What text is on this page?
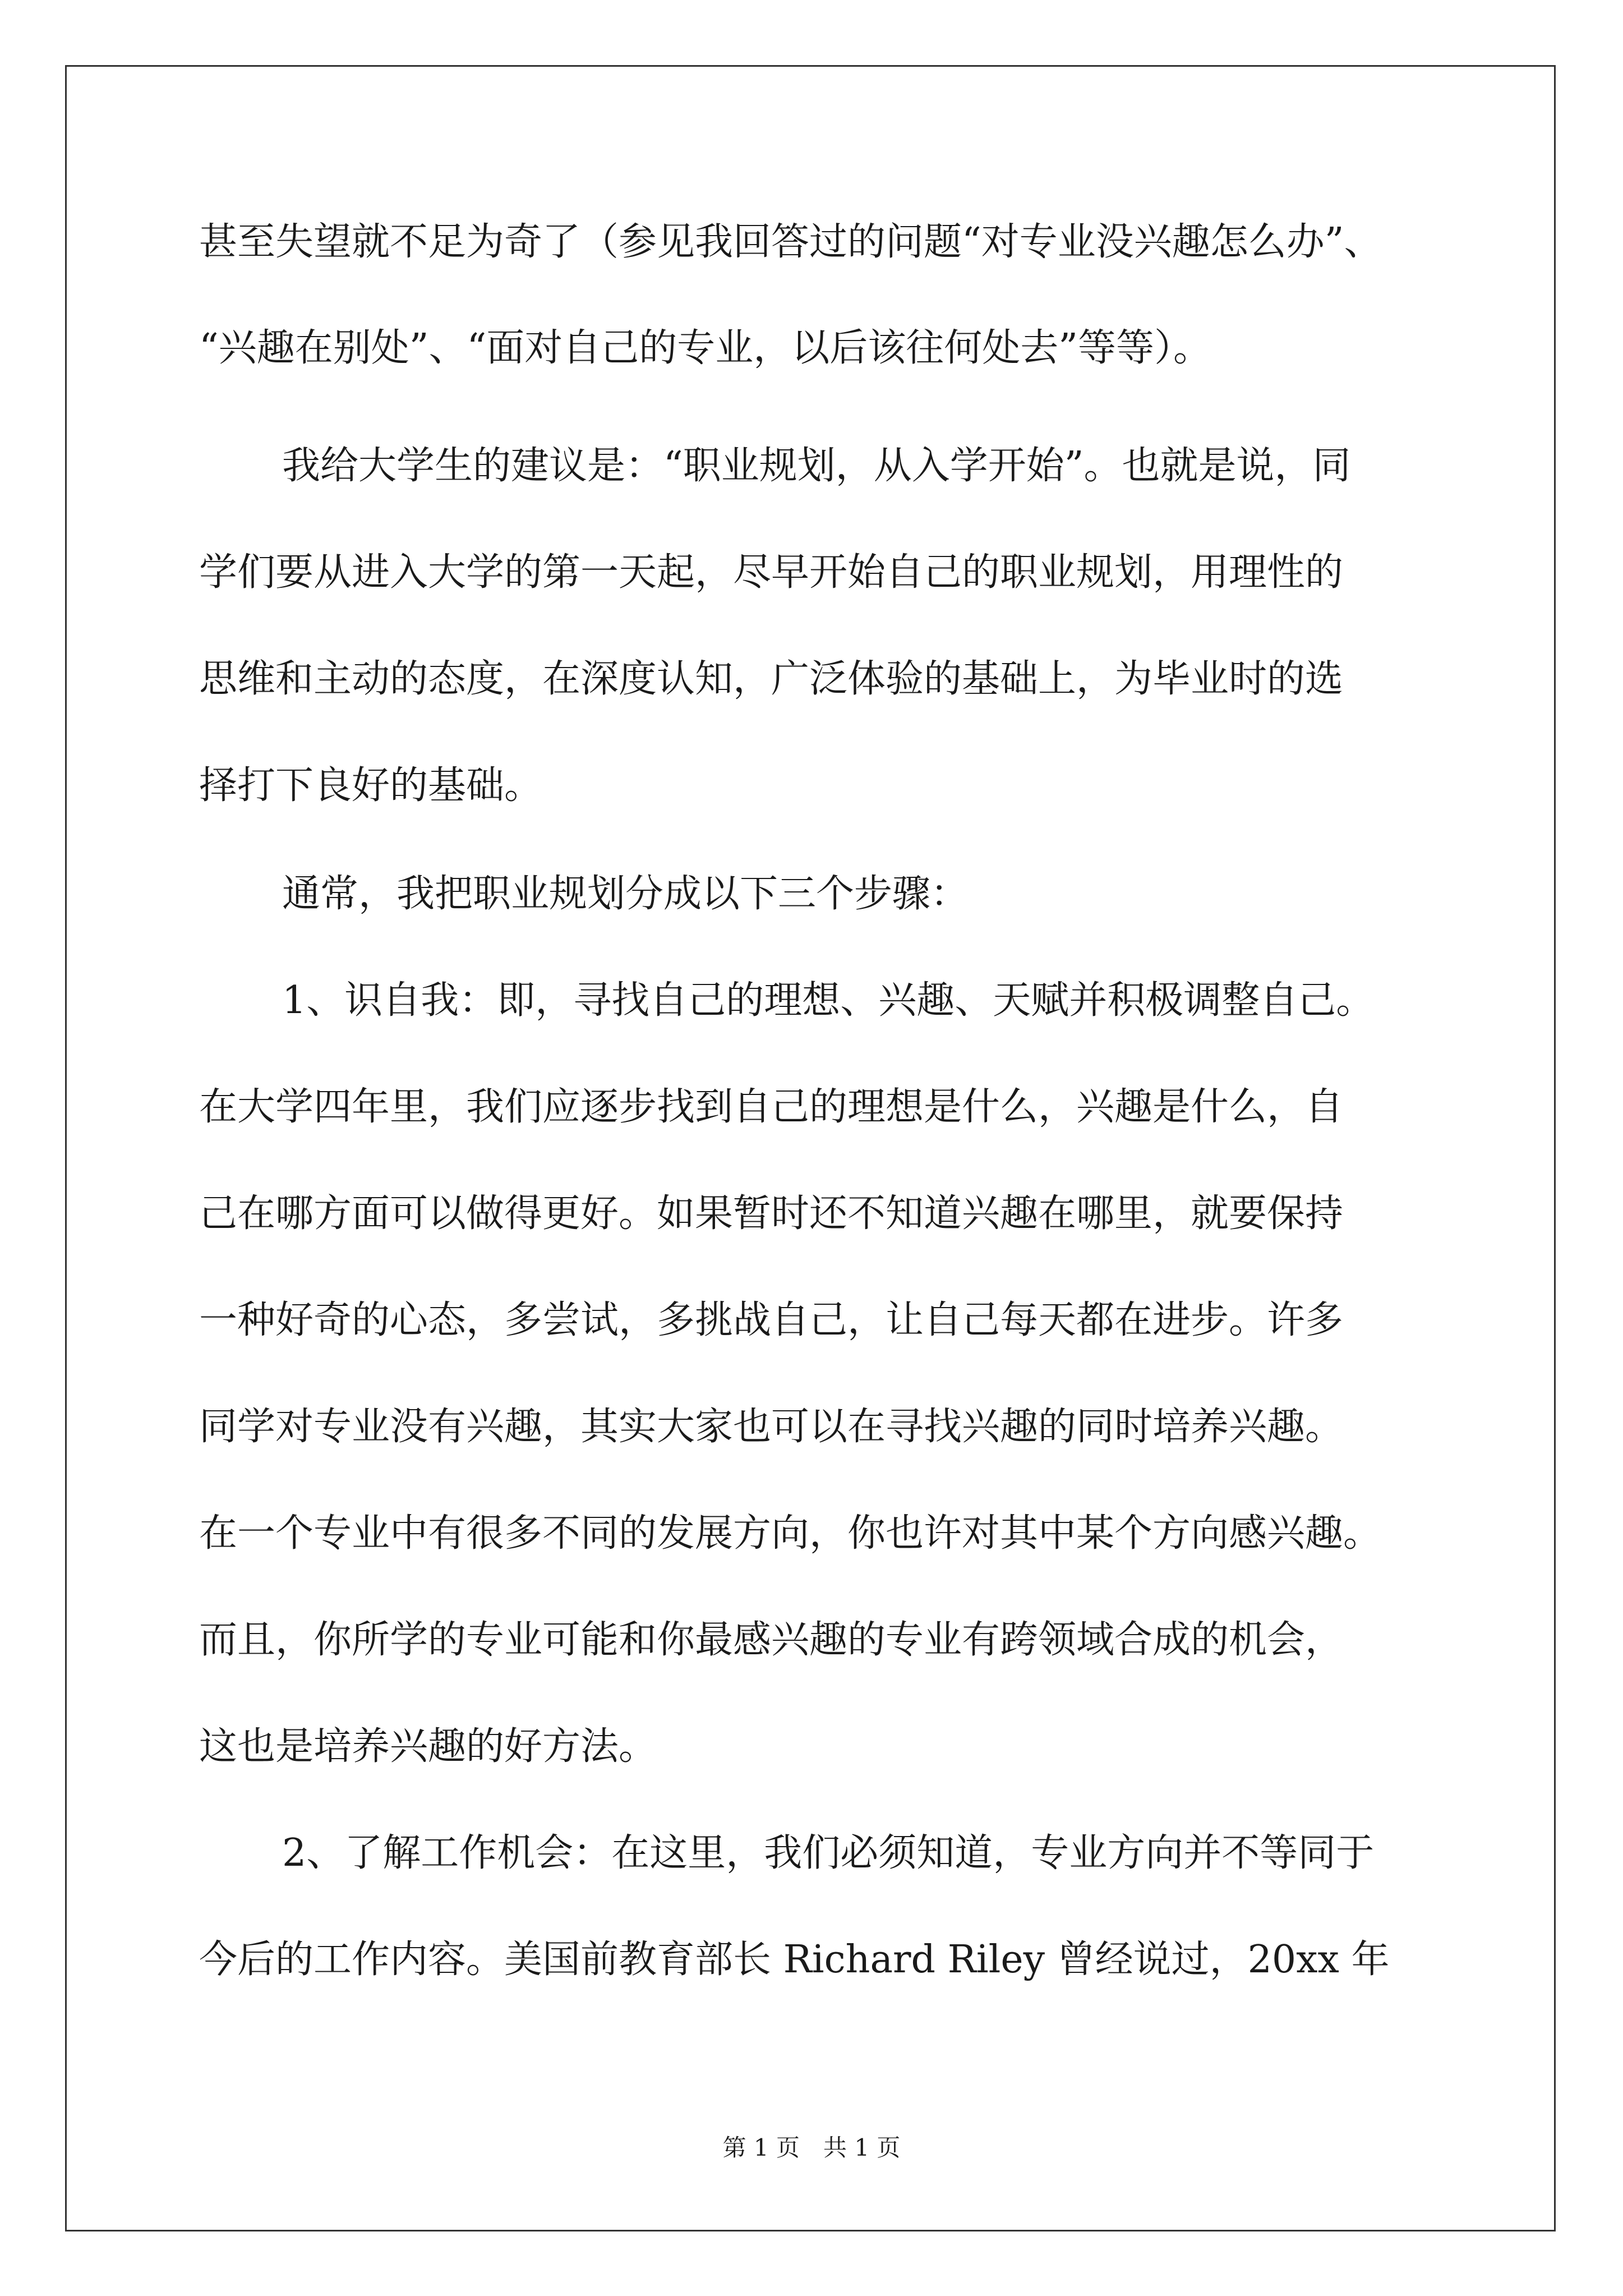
甚至失望就不足为奇了（参见我回答过的问题“对专业没兴趣怎么办”、
“兴趣在别处”、“面对自己的专业，以后该往何处去”等等）。
我给大学生的建议是：“职业规划，从入学开始”。也就是说，同
学们要从进入大学的第一天起，尽早开始自己的职业规划，用理性的
思维和主动的态度，在深度认知，广泛体验的基础上，为毕业时的选
择打下良好的基础。
通常，我把职业规划分成以下三个步骤：
1、识自我：即，寻找自己的理想、兴趣、天赋并积极调整自己。
在大学四年里，我们应逐步找到自己的理想是什么，兴趣是什么，自
己在哪方面可以做得更好。如果暂时还不知道兴趣在哪里，就要保持
一种好奇的心态，多尝试，多挑战自己，让自己每天都在进步。许多
同学对专业没有兴趣，其实大家也可以在寻找兴趣的同时培养兴趣。
在一个专业中有很多不同的发展方向，你也许对其中某个方向感兴趣。
而且，你所学的专业可能和你最感兴趣的专业有跨领域合成的机会，
这也是培养兴趣的好方法。
2、了解工作机会：在这里，我们必须知道，专业方向并不等同于
今后的工作内容。美国前教育部长 Richard Riley 曾经说过，20xx 年
第 1 页　共 1 页
